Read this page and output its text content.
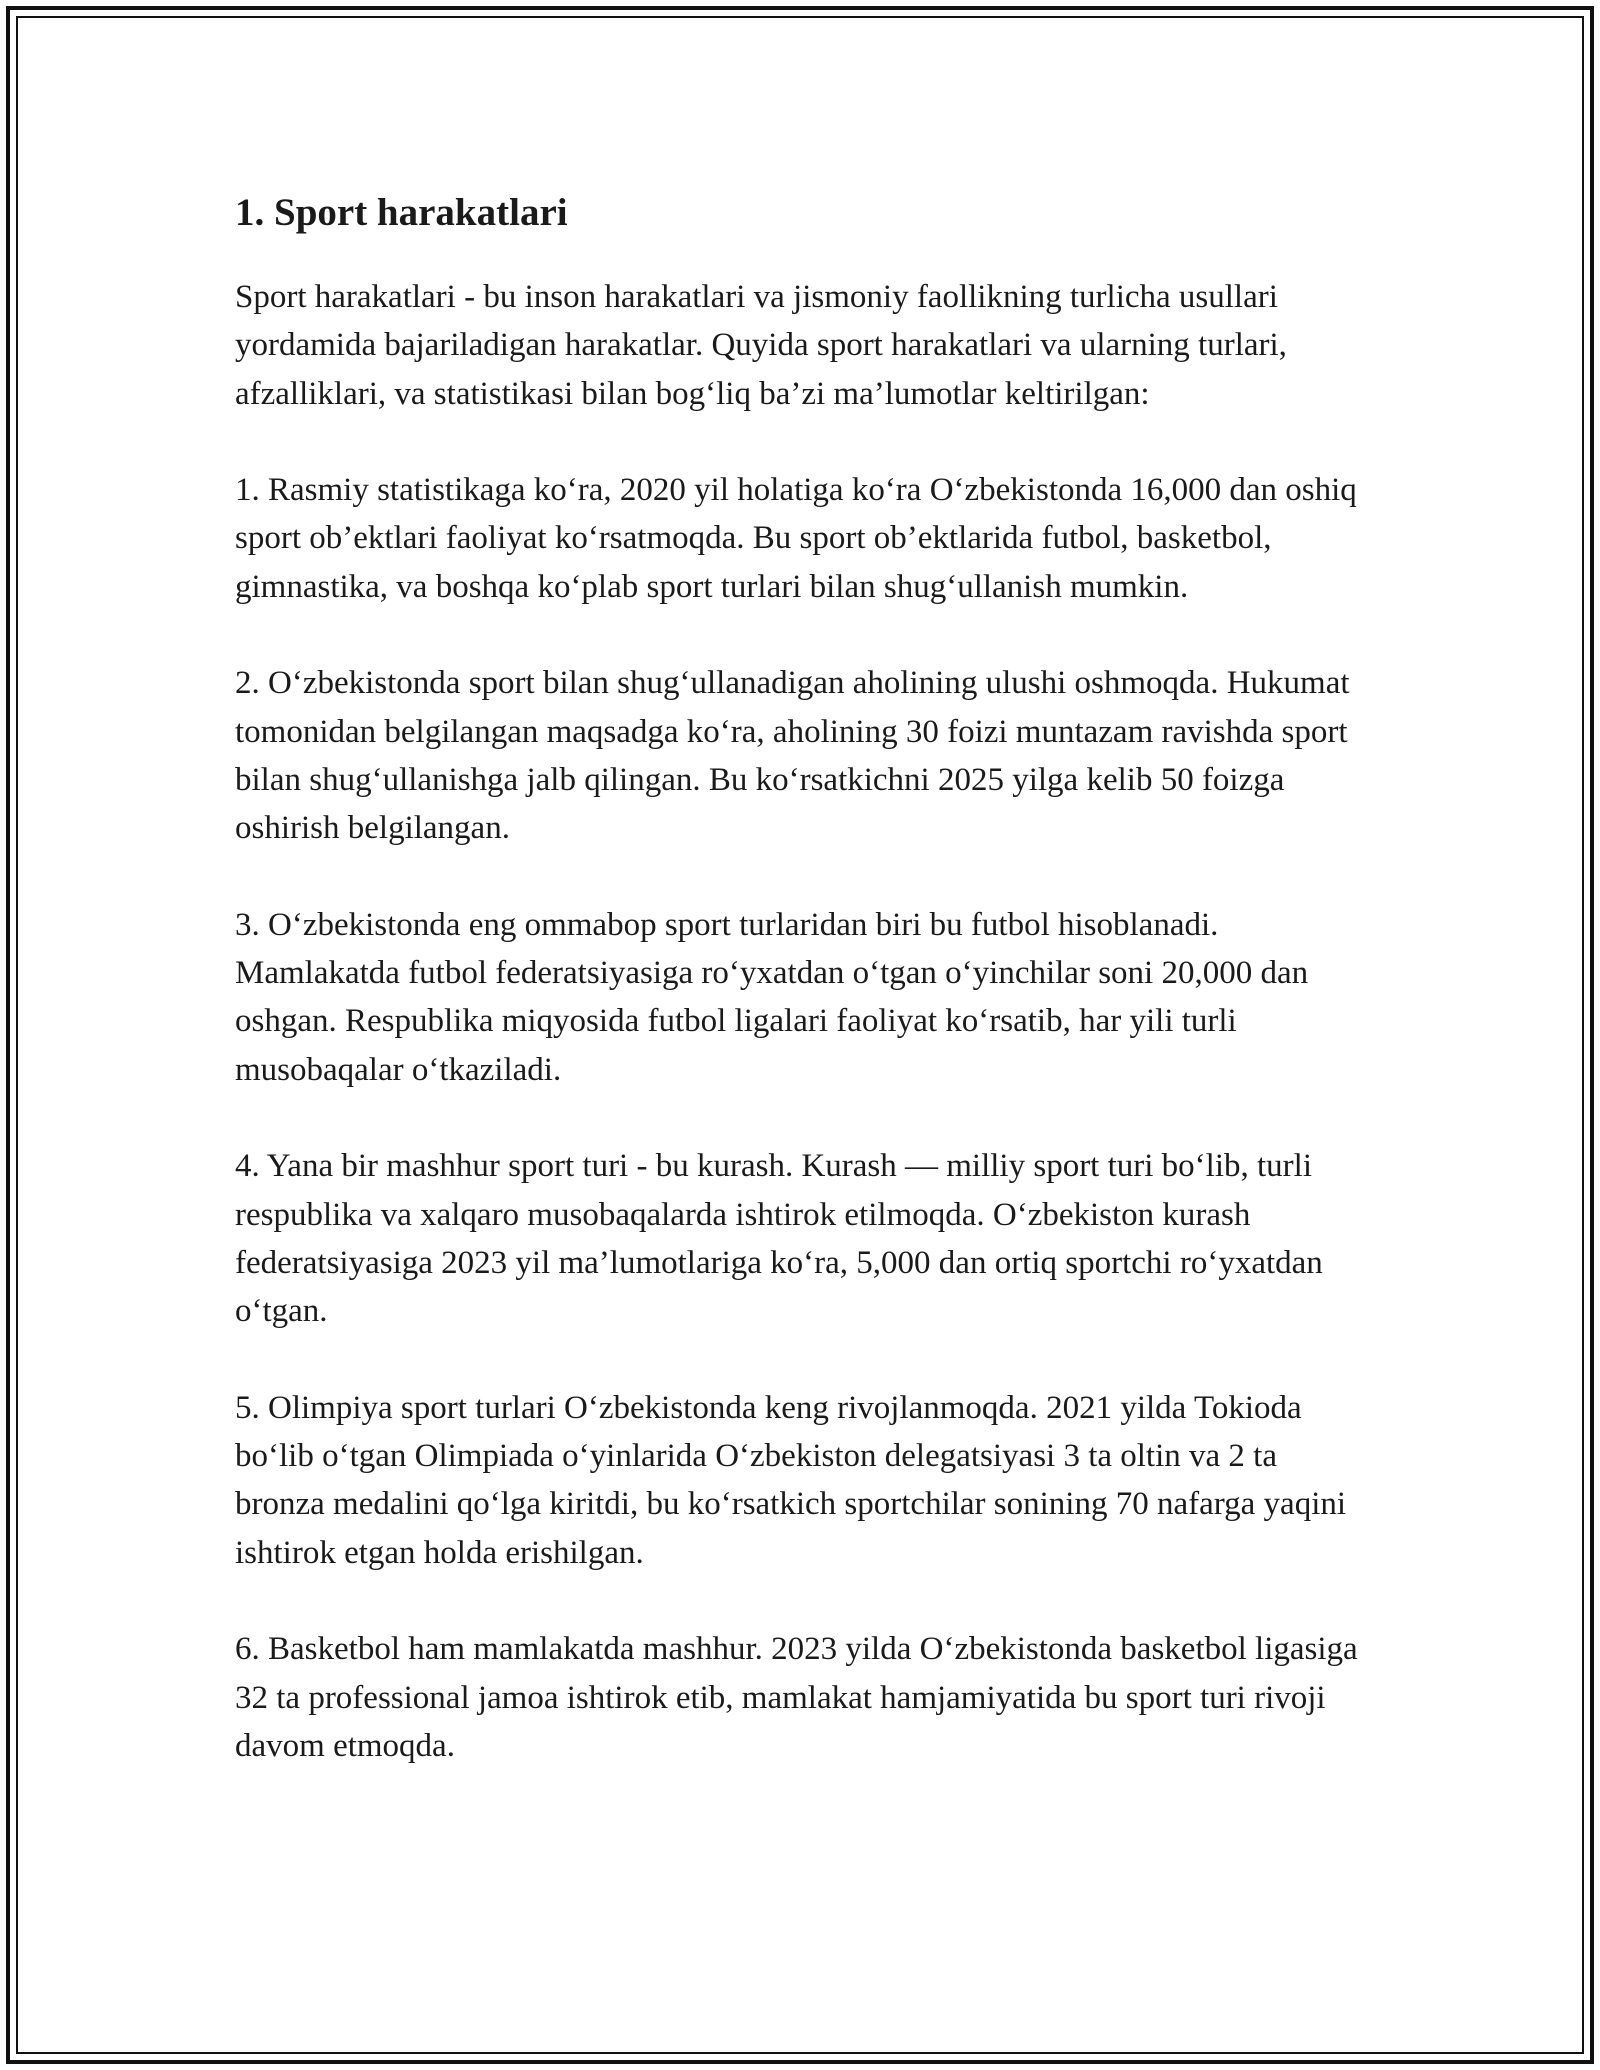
1. Sport harakatlari

Sport harakatlari - bu inson harakatlari va jismoniy faollikning turlicha usullari yordamida bajariladigan harakatlar. Quyida sport harakatlari va ularning turlari, afzalliklari, va statistikasi bilan bog‘liq ba’zi ma’lumotlar keltirilgan:

1. Rasmiy statistikaga ko‘ra, 2020 yil holatiga ko‘ra O‘zbekistonda 16,000 dan oshiq sport ob’ektlari faoliyat ko‘rsatmoqda. Bu sport ob’ektlarida futbol, basketbol, gimnastika, va boshqa ko‘plab sport turlari bilan shug‘ullanish mumkin.

2. O‘zbekistonda sport bilan shug‘ullanadigan aholining ulushi oshmoqda. Hukumat tomonidan belgilangan maqsadga ko‘ra, aholining 30 foizi muntazam ravishda sport bilan shug‘ullanishga jalb qilingan. Bu ko‘rsatkichni 2025 yilga kelib 50 foizga oshirish belgilangan.

3. O‘zbekistonda eng ommabop sport turlaridan biri bu futbol hisoblanadi. Mamlakatda futbol federatsiyasiga ro‘yxatdan o‘tgan o‘yinchilar soni 20,000 dan oshgan. Respublika miqyosida futbol ligalari faoliyat ko‘rsatib, har yili turli musobaqalar o‘tkaziladi.

4. Yana bir mashhur sport turi - bu kurash. Kurash — milliy sport turi bo‘lib, turli respublika va xalqaro musobaqalarda ishtirok etilmoqda. O‘zbekiston kurash federatsiyasiga 2023 yil ma’lumotlariga ko‘ra, 5,000 dan ortiq sportchi ro‘yxatdan o‘tgan.

5. Olimpiya sport turlari O‘zbekistonda keng rivojlanmoqda. 2021 yilda Tokioda bo‘lib o‘tgan Olimpiada o‘yinlarida O‘zbekiston delegatsiyasi 3 ta oltin va 2 ta bronza medalini qo‘lga kiritdi, bu ko‘rsatkich sportchilar sonining 70 nafarga yaqini ishtirok etgan holda erishilgan.

6. Basketbol ham mamlakatda mashhur. 2023 yilda O‘zbekistonda basketbol ligasiga 32 ta professional jamoa ishtirok etib, mamlakat hamjamiyatida bu sport turi rivoji davom etmoqda.
